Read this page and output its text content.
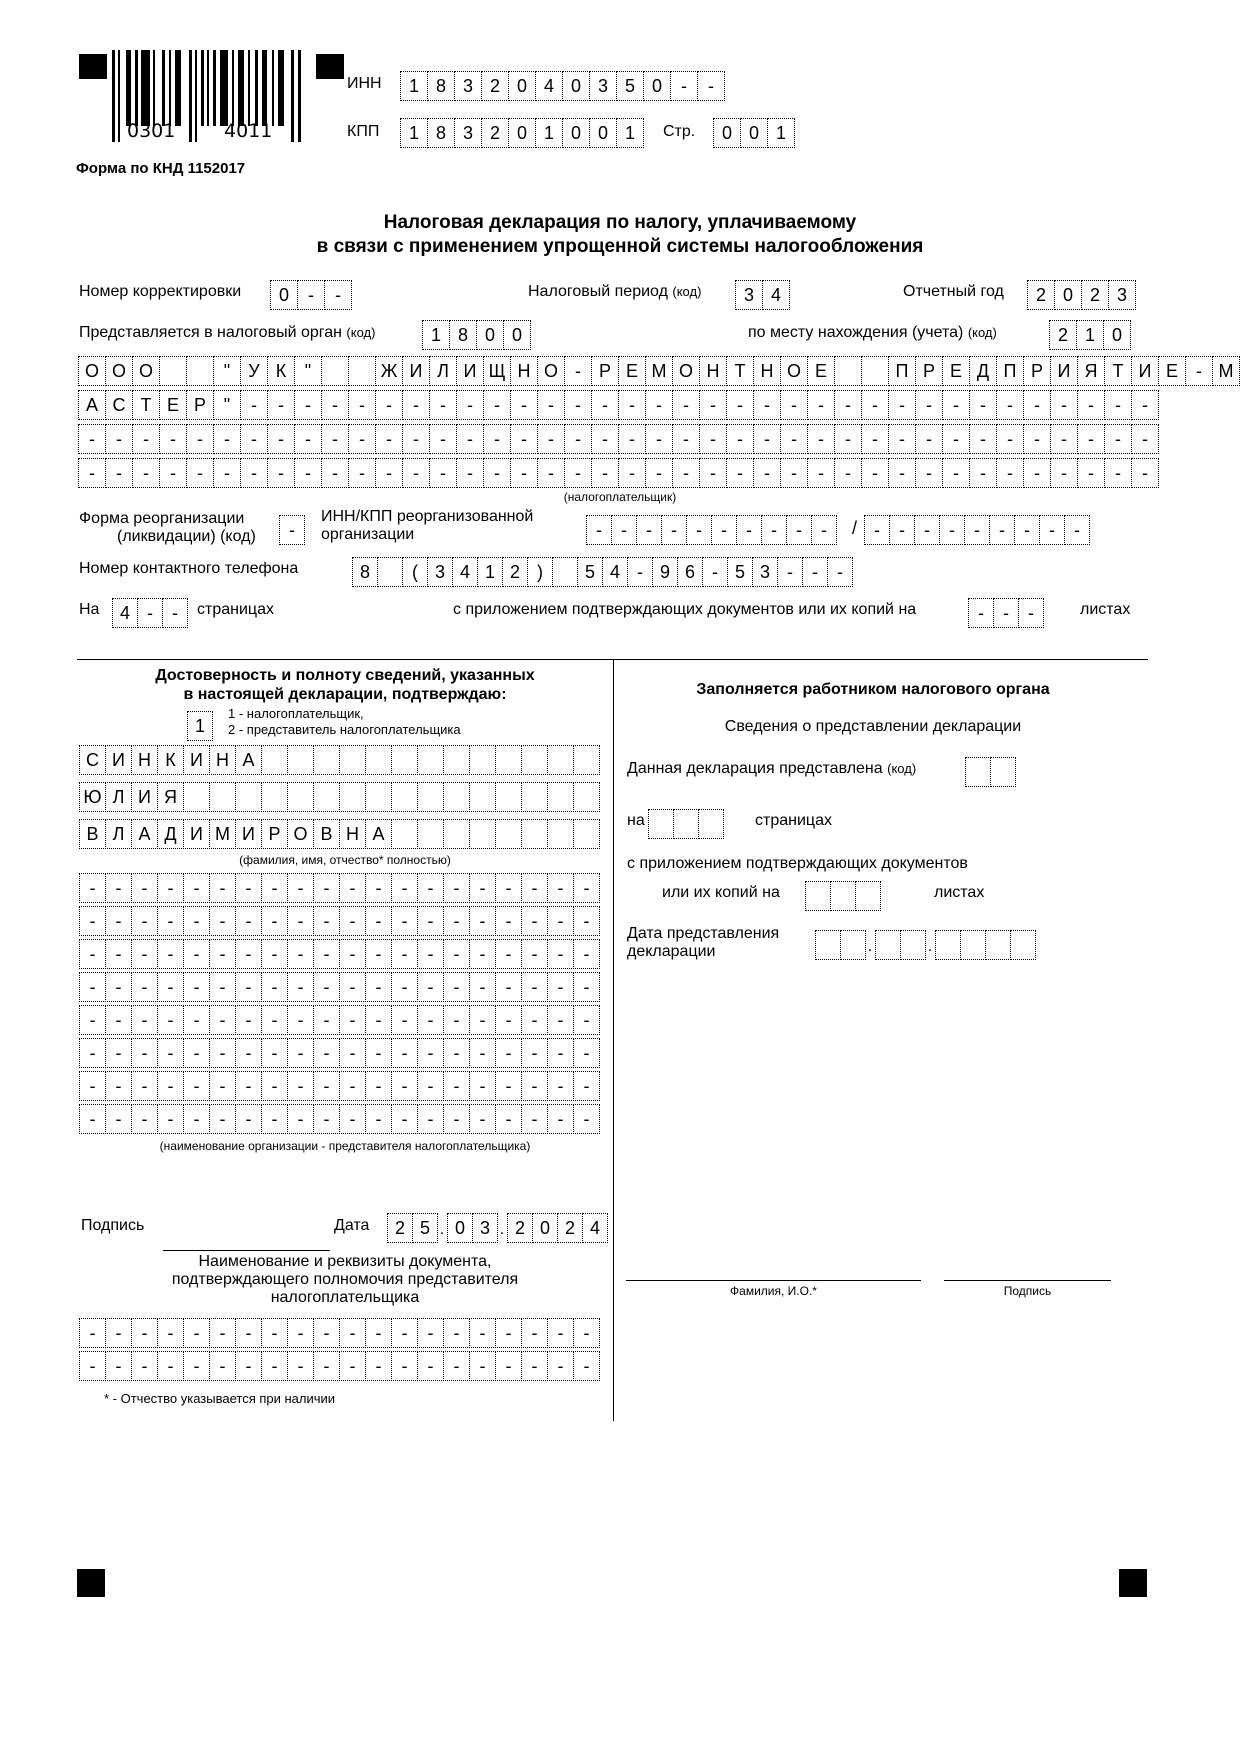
0301	4011
ИНН	1 8 3 2 0 4 0 3 5 0	-	-
КПП	1 8 3 2 0 1 0 0 1	Стр.	0 0 1
Форма по КНД 1152017
Налоговая декларация по налогу, уплачиваемому
в связи с применением упрощенной системы налогообложения
Номер корректировки	0	-	-	Налоговый период (код)	3 4	Отчетный год	2 0 2 3
Представляется в налоговый орган (код)	1 8 0 0	по месту нахождения (учета) (код)	2 1 0
О О О	"	У К	"	Ж И Л И Щ Н О - Р Е М О Н Т Н О Е	П Р Е Д П Р И Я Т И Е	- М
А С Т Е Р "	-	-	-	-	-	-	-	-	-	-	-	-	-	-	-	-	-	-	-	-	-	-	-	-	-	-	-	-	-	-	-	-	-	-
-	-	-	-	-	-	-	-	-	-	-	-	-	-	-	-	-	-	-	-	-	-	-	-	-	-	-	-	-	-	-	-	-	-	-	-	-	-	-	-
-	-	-	-	-	-	-	-	-	-	-	-	-	-	-	-	-	-	-	-	-	-	-	-	-	-	-	-	-	-	-	-	-	-	-	-	-	-	-	-
(налогоплательщик)
Форма реорганизации
(ликвидации) (код)	-
ИНН/КПП реорганизованной
организации	-	-	-	-	-	-	-	-	-	-	/ -	-	-	-	-	-	-	-	-
Номер контактного телефона	8	( 3 4 1 2 )	5 4 - 9 6 - 5 3 -	-	-
На	4 -	-	страницах	с приложением подтверждающих документов или их копий на	-	-	-	листах
Достоверность и полноту сведений, указанных
в настоящей декларации, подтверждаю:
1
1 - налогоплательщик,
2 - представитель налогоплательщика
С И Н К И Н А
Ю Л И Я
В Л А Д И М И Р О В Н А
(фамилия, имя, отчество* полностью)
-	-	-	-	-	-	-	-	-	-	-	-	-	-	-	-	-	-	-	-
-	-	-	-	-	-	-	-	-	-	-	-	-	-	-	-	-	-	-	-
-	-	-	-	-	-	-	-	-	-	-	-	-	-	-	-	-	-	-	-
-	-	-	-	-	-	-	-	-	-	-	-	-	-	-	-	-	-	-	-
-	-	-	-	-	-	-	-	-	-	-	-	-	-	-	-	-	-	-	-
-	-	-	-	-	-	-	-	-	-	-	-	-	-	-	-	-	-	-	-
-	-	-	-	-	-	-	-	-	-	-	-	-	-	-	-	-	-	-	-
-	-	-	-	-	-	-	-	-	-	-	-	-	-	-	-	-	-	-	-
(наименование организации - представителя налогоплательщика)
Подпись	Дата	2 5 . 0 3 . 2 0 2 4
Наименование и реквизиты документа,
подтверждающего полномочия представителя
налогоплательщика
-	-	-	-	-	-	-	-	-	-	-	-	-	-	-	-	-	-	-	-
-	-	-	-	-	-	-	-	-	-	-	-	-	-	-	-	-	-	-	-
* - Отчество указывается при наличии
Заполняется работником налогового органа
Сведения о представлении декларации
Данная декларация представлена (код)
на	страницах
с приложением подтверждающих документов
или их копий на	листах
Дата представления
декларации	.	.
Фамилия, И.О.*	Подпись
